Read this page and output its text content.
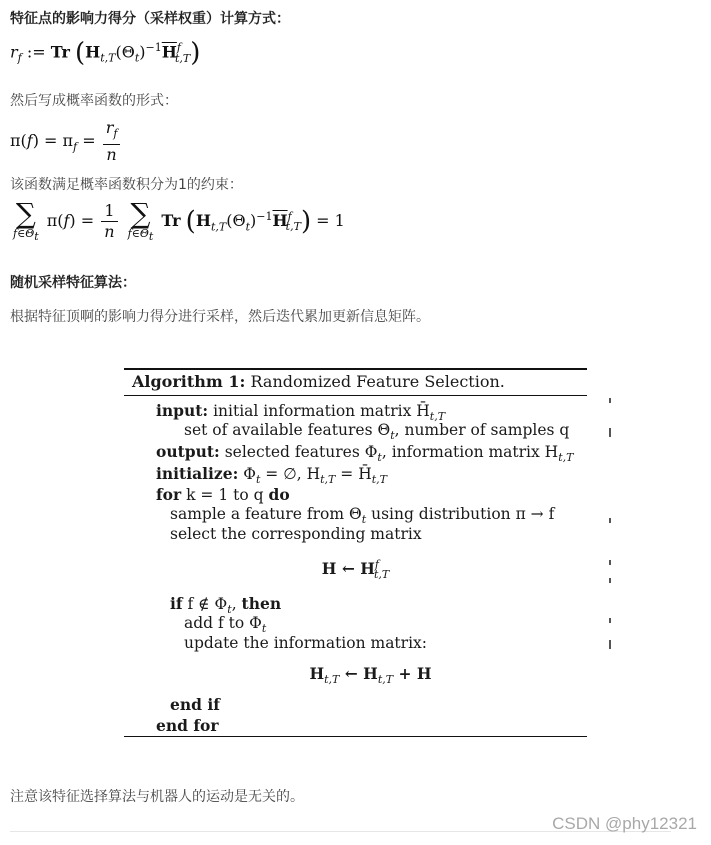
特征点的影响力得分（采样权重）计算方式：
$r_f$ := Tr $(H_{t,T}(\Theta_t)^{-1}\overline{H}^f_{t,T})$
然后写成概率函数的形式：
$\pi(f) = \pi_f = \frac{r_f}{n}$
该函数满足概率函数积分为1的约束：
∑
$f\in\Theta_t$
$\pi(f) = \frac{1}{n}$
∑
$f\in\Theta_t$
Tr $(H_{t,T}(\Theta_t)^{-1}\overline{H}^f_{t,T}) = 1$
随机采样特征算法：
根据特征顶啊的影响力得分进行采样，然后迭代累加更新信息矩阵。
Algorithm 1: Randomized Feature Selection.
input: initial information matrix $H̄_{t,T}$
set of available features $\Theta_t$, number of samples q
output: selected features $\Phi_t$, information matrix $H_{t,T}$
initialize: $\Phi_t$ = ∅, $H_{t,T}$ = $H̄_{t,T}$
for k = 1 to q do
sample a feature from $\Theta_t$ using distribution π → f
select the corresponding matrix
H ← $H^f_{t,T}$
if f ∉ $\Phi_t$, then
add f to $\Phi_t$
update the information matrix:
$H_{t,T}$ ← $H_{t,T} + H$
end if
end for
注意该特征选择算法与机器人的运动是无关的。
CSDN @phy12321
